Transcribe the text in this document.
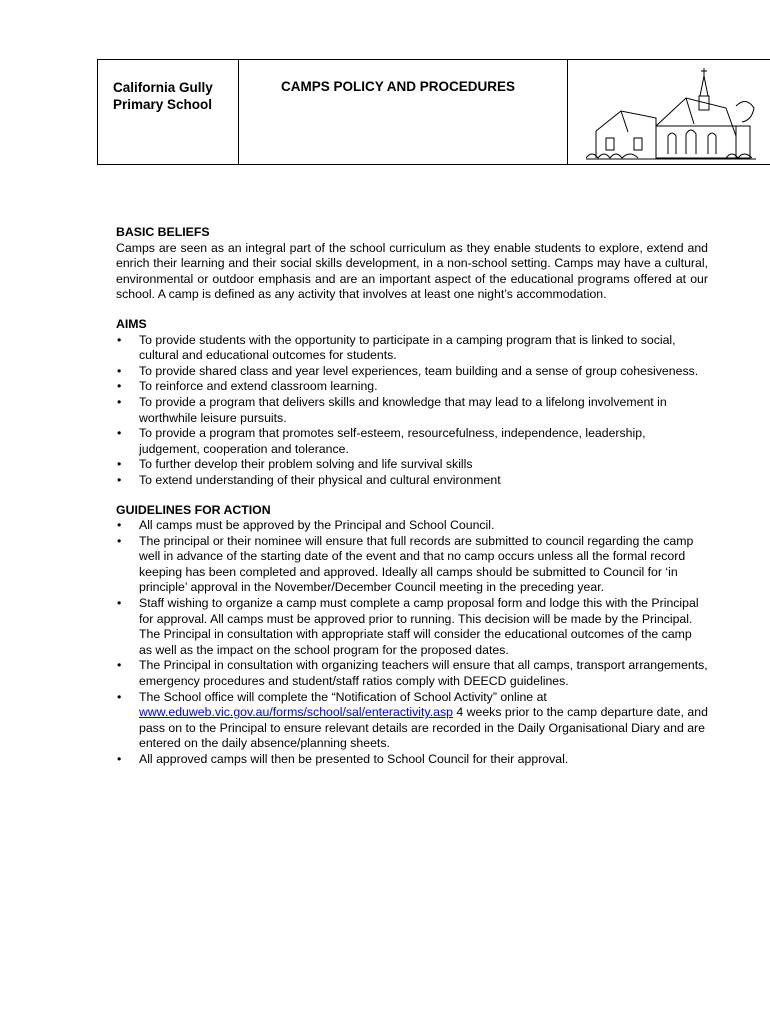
California Gully
Primary School
CAMPS POLICY AND PROCEDURES
BASIC BELIEFS

Camps are seen as an integral part of the school curriculum as they enable students to explore, extend and enrich their learning and their social skills development, in a non-school setting. Camps may have a cultural, environmental or outdoor emphasis and are an important aspect of the educational programs offered at our school. A camp is defined as any activity that involves at least one night’s accommodation.

AIMS
• To provide students with the opportunity to participate in a camping program that is linked to social, cultural and educational outcomes for students.
• To provide shared class and year level experiences, team building and a sense of group cohesiveness.
• To reinforce and extend classroom learning.
• To provide a program that delivers skills and knowledge that may lead to a lifelong involvement in worthwhile leisure pursuits.
• To provide a program that promotes self-esteem, resourcefulness, independence, leadership, judgement, cooperation and tolerance.
• To further develop their problem solving and life survival skills
• To extend understanding of their physical and cultural environment
GUIDELINES FOR ACTION
• All camps must be approved by the Principal and School Council.
• The principal or their nominee will ensure that full records are submitted to council regarding the camp well in advance of the starting date of the event and that no camp occurs unless all the formal record keeping has been completed and approved. Ideally all camps should be submitted to Council for ‘in principle’ approval in the November/December Council meeting in the preceding year.
• Staff wishing to organize a camp must complete a camp proposal form and lodge this with the Principal for approval. All camps must be approved prior to running. This decision will be made by the Principal. The Principal in consultation with appropriate staff will consider the educational outcomes of the camp as well as the impact on the school program for the proposed dates.
• The Principal in consultation with organizing teachers will ensure that all camps, transport arrangements, emergency procedures and student/staff ratios comply with DEECD guidelines.
• The School office will complete the “Notification of School Activity” online at www.eduweb.vic.gov.au/forms/school/sal/enteractivity.asp 4 weeks prior to the camp departure date, and pass on to the Principal to ensure relevant details are recorded in the Daily Organisational Diary and are entered on the daily absence/planning sheets.
• All approved camps will then be presented to School Council for their approval.
